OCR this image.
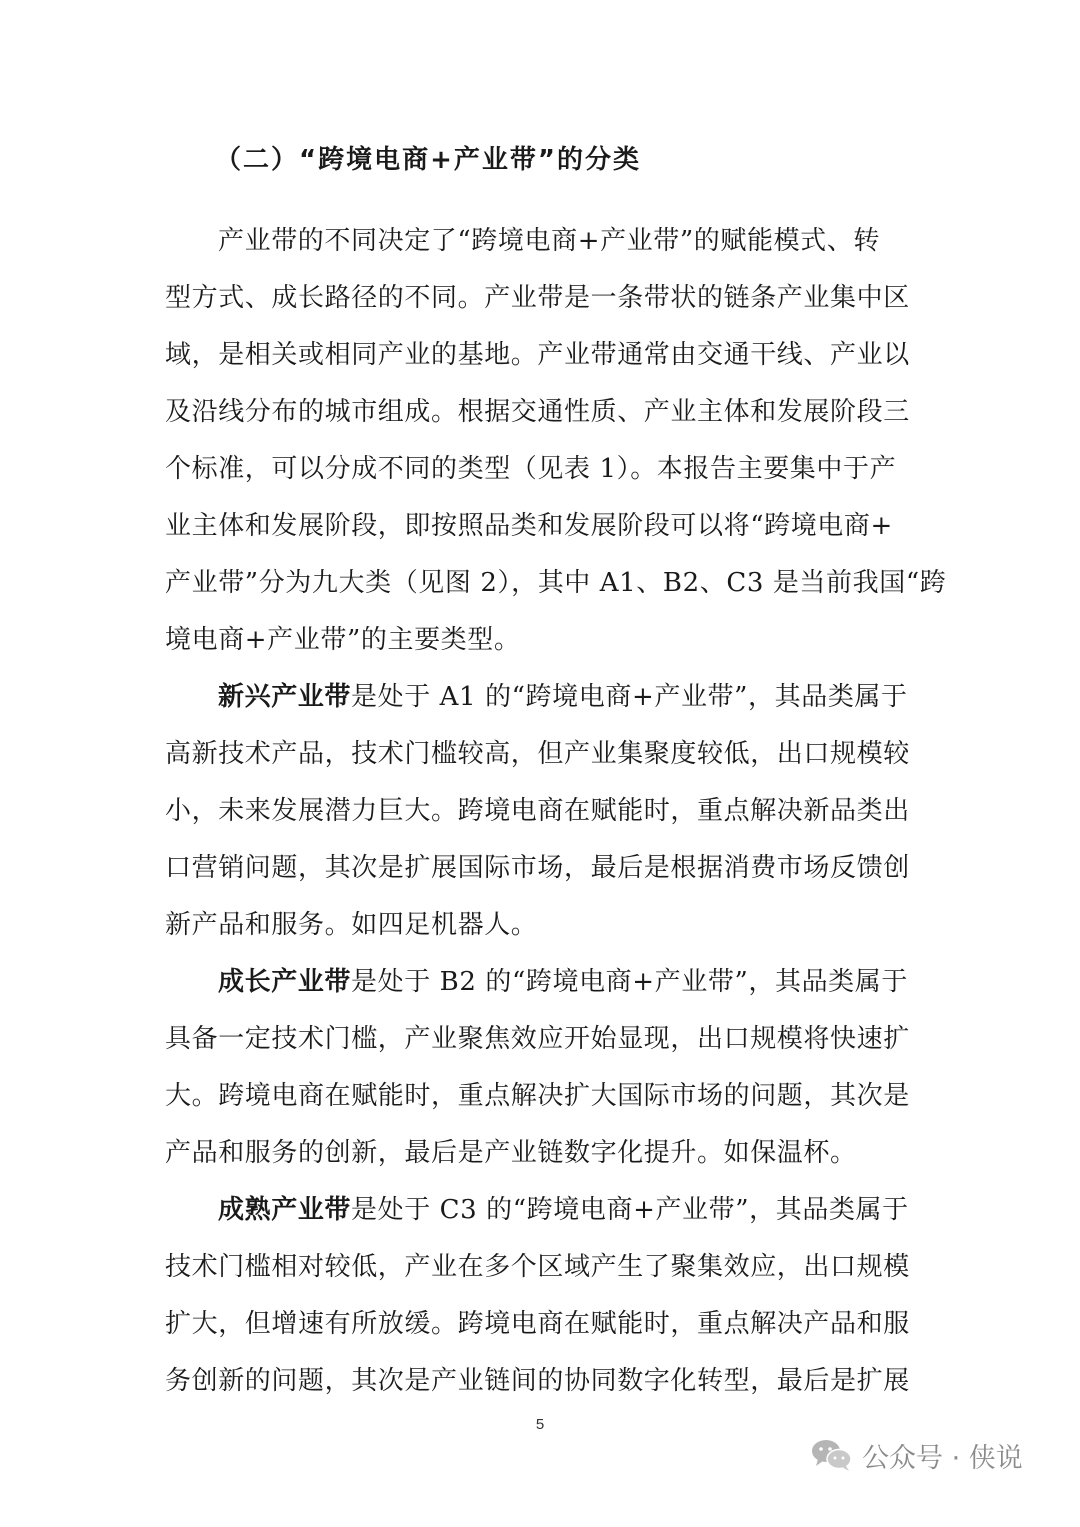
（二）“跨境电商+产业带”的分类
产业带的不同决定了“跨境电商+产业带”的赋能模式、转
型方式、成长路径的不同。产业带是一条带状的链条产业集中区
域，是相关或相同产业的基地。产业带通常由交通干线、产业以
及沿线分布的城市组成。根据交通性质、产业主体和发展阶段三
个标准，可以分成不同的类型（见表 1）。本报告主要集中于产
业主体和发展阶段，即按照品类和发展阶段可以将“跨境电商+
产业带”分为九大类（见图 2），其中 A1、B2、C3 是当前我国“跨
境电商+产业带”的主要类型。
新兴产业带是处于 A1 的“跨境电商+产业带”，其品类属于
高新技术产品，技术门槛较高，但产业集聚度较低，出口规模较
小，未来发展潜力巨大。跨境电商在赋能时，重点解决新品类出
口营销问题，其次是扩展国际市场，最后是根据消费市场反馈创
新产品和服务。如四足机器人。
成长产业带是处于 B2 的“跨境电商+产业带”，其品类属于
具备一定技术门槛，产业聚焦效应开始显现，出口规模将快速扩
大。跨境电商在赋能时，重点解决扩大国际市场的问题，其次是
产品和服务的创新，最后是产业链数字化提升。如保温杯。
成熟产业带是处于 C3 的“跨境电商+产业带”，其品类属于
技术门槛相对较低，产业在多个区域产生了聚集效应，出口规模
扩大，但增速有所放缓。跨境电商在赋能时，重点解决产品和服
务创新的问题，其次是产业链间的协同数字化转型，最后是扩展
5
公众号 · 侠说
